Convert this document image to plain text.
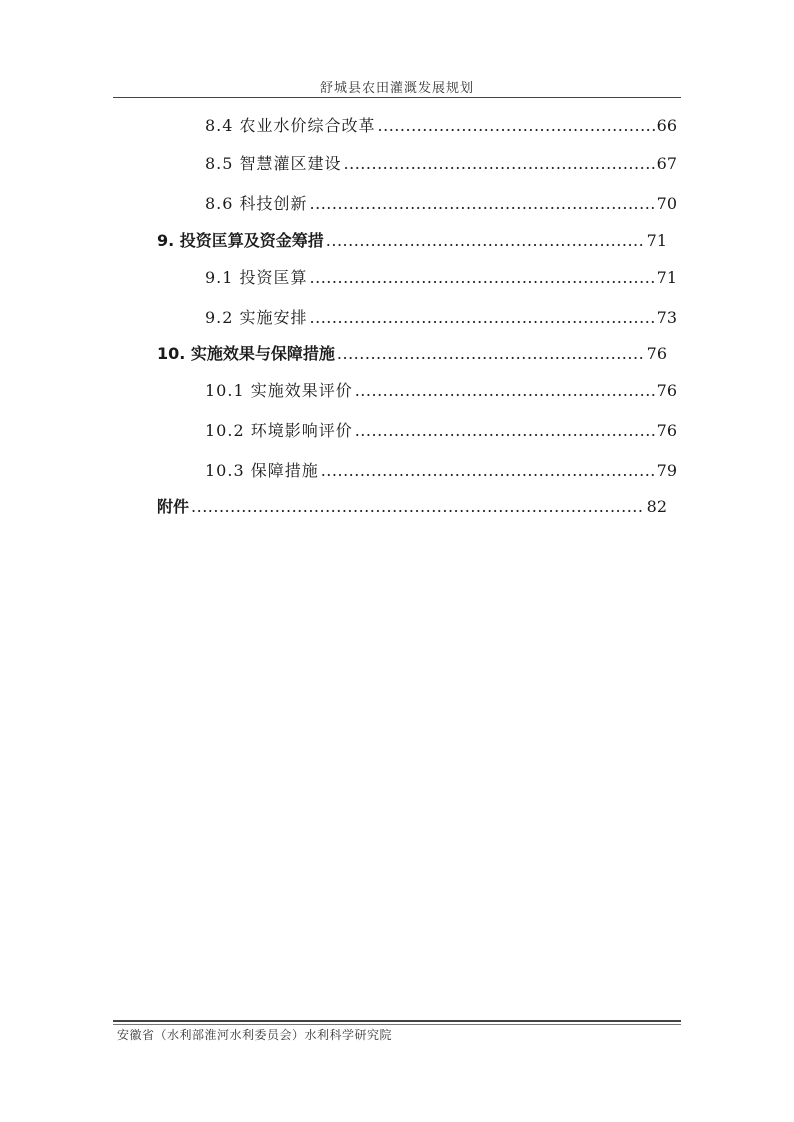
舒城县农田灌溉发展规划
8.4 农业水价综合改革 .....	66
8.5 智慧灌区建设 .....	67
8.6 科技创新 .....	70
9. 投资匡算及资金筹措 .....	71
9.1 投资匡算 .....	71
9.2 实施安排 .....	73
10. 实施效果与保障措施 .....	76
10.1 实施效果评价 .....	76
10.2 环境影响评价 .....	76
10.3 保障措施 .....	79
附件 .....	82
安徽省（水利部淮河水利委员会）水利科学研究院
